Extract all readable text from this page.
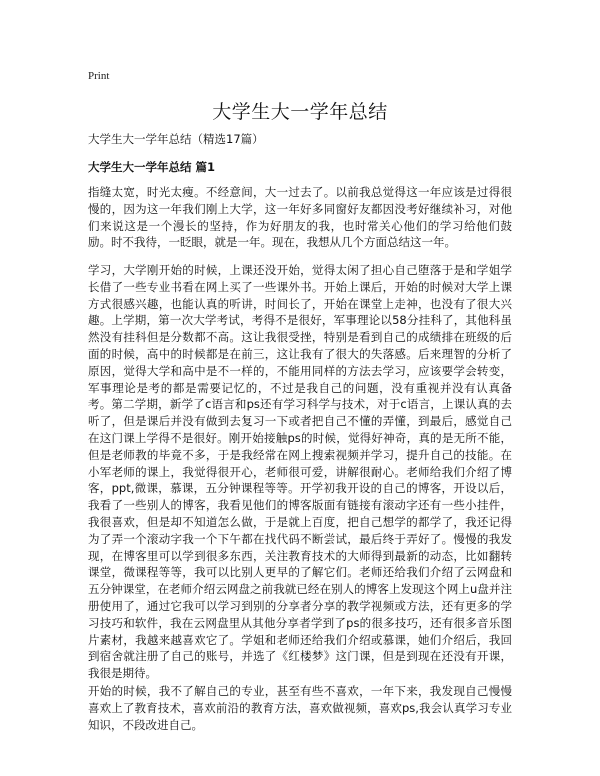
Print
大学生大一学年总结

大学生大一学年总结（精选17篇）

大学生大一学年总结 篇1

指缝太宽，时光太瘦。不经意间，大一过去了。以前我总觉得这一年应该是过得很慢的，因为这一年我们刚上大学，这一年好多同窗好友都因没考好继续补习，对他们来说这是一个漫长的坚持，作为好朋友的我，也时常关心他们的学习给他们鼓励。时不我待，一眨眼，就是一年。现在，我想从几个方面总结这一年。

学习，大学刚开始的时候，上课还没开始，觉得太闲了担心自己堕落于是和学姐学长借了一些专业书看在网上买了一些课外书。开始上课后，开始的时候对大学上课方式很感兴趣，也能认真的听讲，时间长了，开始在课堂上走神，也没有了很大兴趣。上学期，第一次大学考试，考得不是很好，军事理论以58分挂科了，其他科虽然没有挂科但是分数都不高。这让我很受挫，特别是看到自己的成绩排在班级的后面的时候，高中的时候都是在前三，这让我有了很大的失落感。后来理智的分析了原因，觉得大学和高中是不一样的，不能用同样的方法去学习，应该要学会转变，军事理论是考的都是需要记忆的，不过是我自己的问题，没有重视并没有认真备考。第二学期，新学了c语言和ps还有学习科学与技术，对于c语言，上课认真的去听了，但是课后并没有做到去复习一下或者把自己不懂的弄懂，到最后，感觉自己在这门课上学得不是很好。刚开始接触ps的时候，觉得好神奇，真的是无所不能，但是老师教的毕竟不多，于是我经常在网上搜索视频并学习，提升自己的技能。在小军老师的课上，我觉得很开心，老师很可爱，讲解很耐心。老师给我们介绍了博客，ppt,微课，慕课，五分钟课程等等。开学初我开设的自己的博客，开设以后，我看了一些别人的博客，我看见他们的博客版面有链接有滚动字还有一些小挂件，我很喜欢，但是却不知道怎么做，于是就上百度，把自己想学的都学了，我还记得为了弄一个滚动字我一个下午都在找代码不断尝试，最后终于弄好了。慢慢的我发现，在博客里可以学到很多东西，关注教育技术的大师得到最新的动态，比如翻转课堂，微课程等等，我可以比别人更早的了解它们。老师还给我们介绍了云网盘和五分钟课堂，在老师介绍云网盘之前我就已经在别人的博客上发现这个网上u盘并注册使用了，通过它我可以学习到别的分享者分享的教学视频或方法，还有更多的学习技巧和软件，我在云网盘里从其他分享者学到了ps的很多技巧，还有很多音乐图片素材，我越来越喜欢它了。学姐和老师还给我们介绍或慕课，她们介绍后，我回到宿舍就注册了自己的账号，并选了《红楼梦》这门课，但是到现在还没有开课，我很是期待。

开始的时候，我不了解自己的专业，甚至有些不喜欢，一年下来，我发现自己慢慢喜欢上了教育技术，喜欢前沿的教育方法，喜欢做视频，喜欢ps,我会认真学习专业知识，不段改进自己。
